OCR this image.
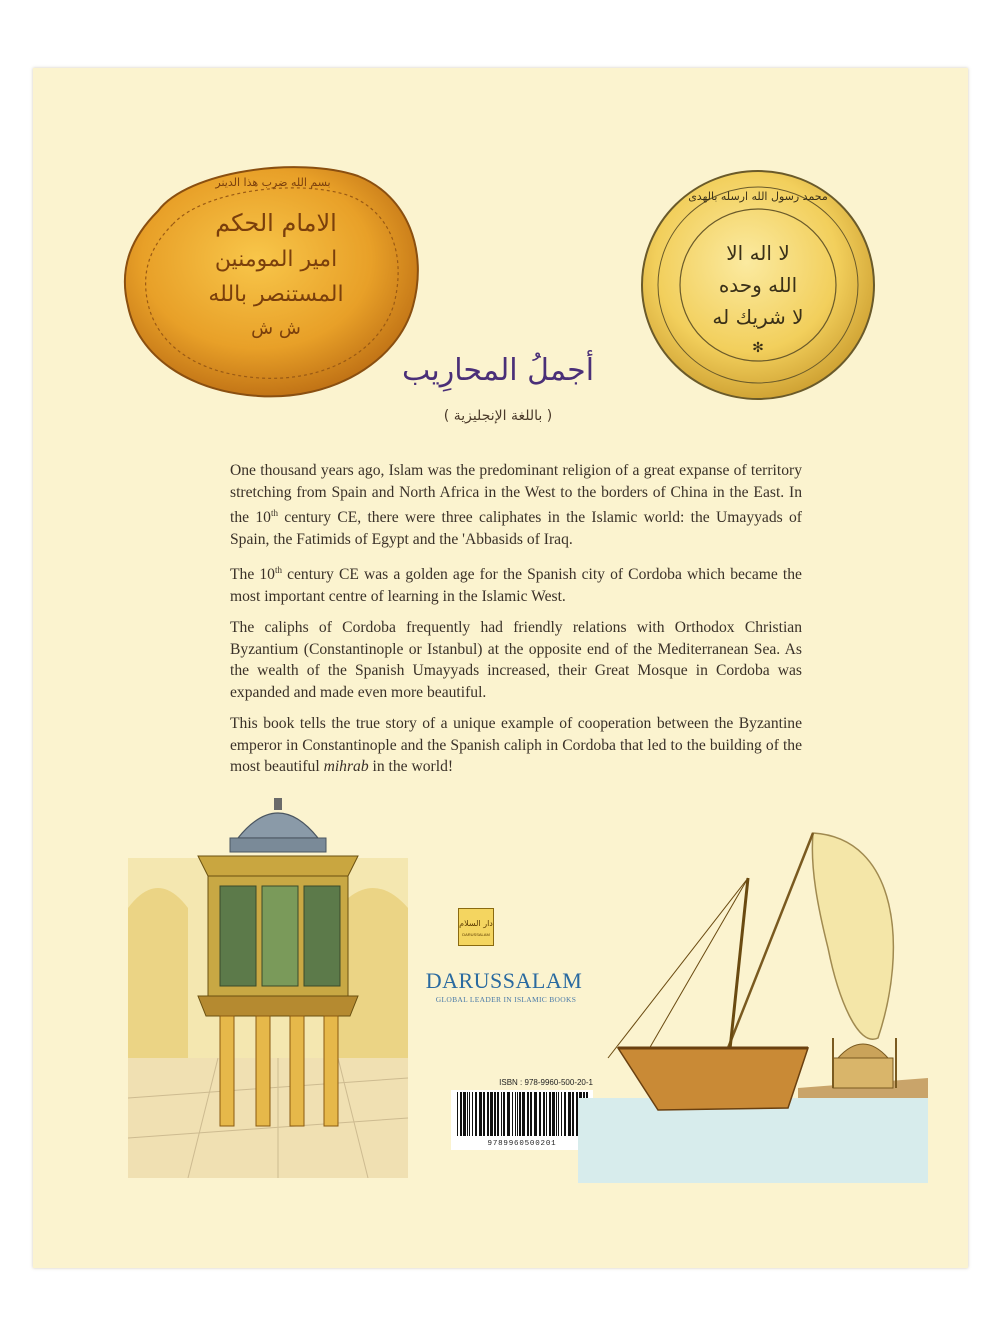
بسم الله ضرب هذا الدينر
الامام الحكم
امير المومنين
المستنصر بالله
ش ش
محمد رسول الله ارسله بالهدى
لا اله الا
الله وحده
لا شريك له
✻
أجملُ المحارِيب
( باللغة الإنجليزية )

One thousand years ago, Islam was the predominant religion of a great expanse of territory stretching from Spain and North Africa in the West to the borders of China in the East. In the 10th century CE, there were three caliphates in the Islamic world: the Umayyads of Spain, the Fatimids of Egypt and the 'Abbasids of Iraq.

The 10th century CE was a golden age for the Spanish city of Cordoba which became the most important centre of learning in the Islamic West.

The caliphs of Cordoba frequently had friendly relations with Orthodox Christian Byzantium (Constantinople or Istanbul) at the opposite end of the Mediterranean Sea. As the wealth of the Spanish Umayyads increased, their Great Mosque in Cordoba was expanded and made even more beautiful.

This book tells the true story of a unique example of cooperation between the Byzantine emperor in Constantinople and the Spanish caliph in Cordoba that led to the building of the most beautiful mihrab in the world!

دار السلام
DARUSSALAM
DARUSSALAM
GLOBAL LEADER IN ISLAMIC BOOKS
ISBN : 978-9960-500-20-1
9789960500201
